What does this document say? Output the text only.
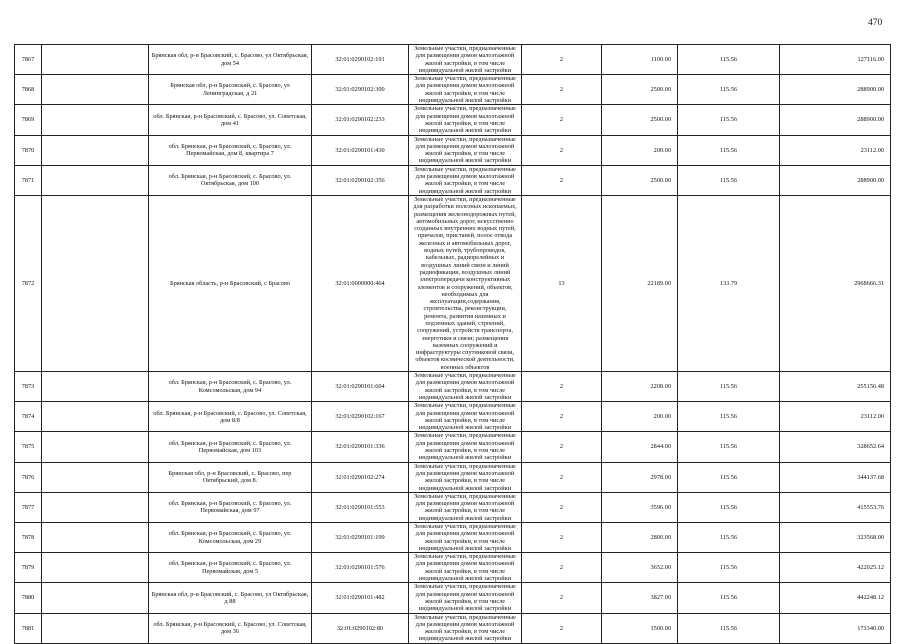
470
7867		Брянская обл, р-н Брасовский, с. Брасово, ул Октябрьская, дом 54	32:01:0290102:191	Земельные участки, предназначенные для размещения домов малоэтажной жилой застройки, в том числе индивидуальной жилой застройки	2	1100.00	115.56	127116.00
7868		Брянская обл, р-н Брасовский, с. Брасово, ул Ленинградская, д 21	32:01:0290102:300	Земельные участки, предназначенные для размещения домов малоэтажной жилой застройки, в том числе индивидуальной жилой застройки	2	2500.00	115.56	288900.00
7869		обл. Брянская, р-н Брасовский, с. Брасово, ул. Советская, дом 41	32:01:0290102:233	Земельные участки, предназначенные для размещения домов малоэтажной жилой застройки, в том числе индивидуальной жилой застройки	2	2500.00	115.56	288900.00
7870		обл. Брянская, р-н Брасовский, с. Брасово, ул. Первомайская, дом 8, квартира 7	32:01:0290101:430	Земельные участки, предназначенные для размещения домов малоэтажной жилой застройки, в том числе индивидуальной жилой застройки	2	200.00	115.56	23112.00
7871		обл. Брянская, р-н Брасовский, с. Брасово, ул. Октябрьская, дом 100	32:01:0290102:356	Земельные участки, предназначенные для размещения домов малоэтажной жилой застройки, в том числе индивидуальной жилой застройки	2	2500.00	115.56	288900.00
7872		Брянская область, р-н Брасовский, с Брасово	32:01:0000000:464	Земельные участки, предназначенные для разработки полезных ископаемых, размещения железнодорожных путей, автомобильных дорог, искусственно созданных внутренних водных путей, причалов, пристаней, полос отвода железных и автомобильных дорог, водных путей, трубопроводов, кабельных, радиорелейных и воздушных линий связи и линий радиофикации, воздушных линий электропередачи конструктивных элементов и сооружений, объектов, необходимых для эксплуатации,содержания, строительства, реконструкции, ремонта, развития наземных и подземных зданий, строений, сооружений, устройств транспорта, энергетики и связи; размещения наземных сооружений и инфраструктуры спутниковой связи, объектов космической деятельности, военных объектов	13	22189.00	133.79	2968666.31
7873		обл. Брянская, р-н Брасовский, с. Брасово, ул. Комсомольская, дом 94	32:01:0290101:604	Земельные участки, предназначенные для размещения домов малоэтажной жилой застройки, в том числе индивидуальной жилой застройки	2	2208.00	115.56	255156.48
7874		обл. Брянская, р-н Брасовский, с. Брасово, ул. Советская, дом 8/8	32:01:0290102:167	Земельные участки, предназначенные для размещения домов малоэтажной жилой застройки, в том числе индивидуальной жилой застройки	2	200.00	115.56	23112.00
7875		обл. Брянская, р-н Брасовский, с. Брасово, ул. Первомайская, дом 103	32:01:0290101:336	Земельные участки, предназначенные для размещения домов малоэтажной жилой застройки, в том числе индивидуальной жилой застройки	2	2844.00	115.56	328652.64
7876		Брянская обл, р-н Брасовский, с. Брасово, пер Октябрьский, дом 8.	32:01:0290102:274	Земельные участки, предназначенные для размещения домов малоэтажной жилой застройки, в том числе индивидуальной жилой застройки	2	2978.00	115.56	344137.68
7877		обл. Брянская, р-н Брасовский, с. Брасово, ул. Первомайская, дом 97	32:01:0290101:553	Земельные участки, предназначенные для размещения домов малоэтажной жилой застройки, в том числе индивидуальной жилой застройки	2	3596.00	115.56	415553.76
7878		обл. Брянская, р-н Брасовский, с. Брасово, ул. Комсомольская, дом 29	32:01:0290101:199	Земельные участки, предназначенные для размещения домов малоэтажной жилой застройки, в том числе индивидуальной жилой застройки	2	2800.00	115.56	323568.00
7879		обл. Брянская, р-н Брасовский, с. Брасово, ул. Первомайская, дом 5	32:01:0290101:576	Земельные участки, предназначенные для размещения домов малоэтажной жилой застройки, в том числе индивидуальной жилой застройки	2	3652.00	115.56	422025.12
7880		Брянская обл, р-н Брасовский, с. Брасово, ул Октябрьская, д 88	32:01:0290101:482	Земельные участки, предназначенные для размещения домов малоэтажной жилой застройки, в том числе индивидуальной жилой застройки	2	3827.00	115.56	442248.12
7881		обл. Брянская, р-н Брасовский, с. Брасово, ул. Советская, дом 36	32:01:0290102:80	Земельные участки, предназначенные для размещения домов малоэтажной жилой застройки, в том числе индивидуальной жилой застройки	2	1500.00	115.56	173340.00
